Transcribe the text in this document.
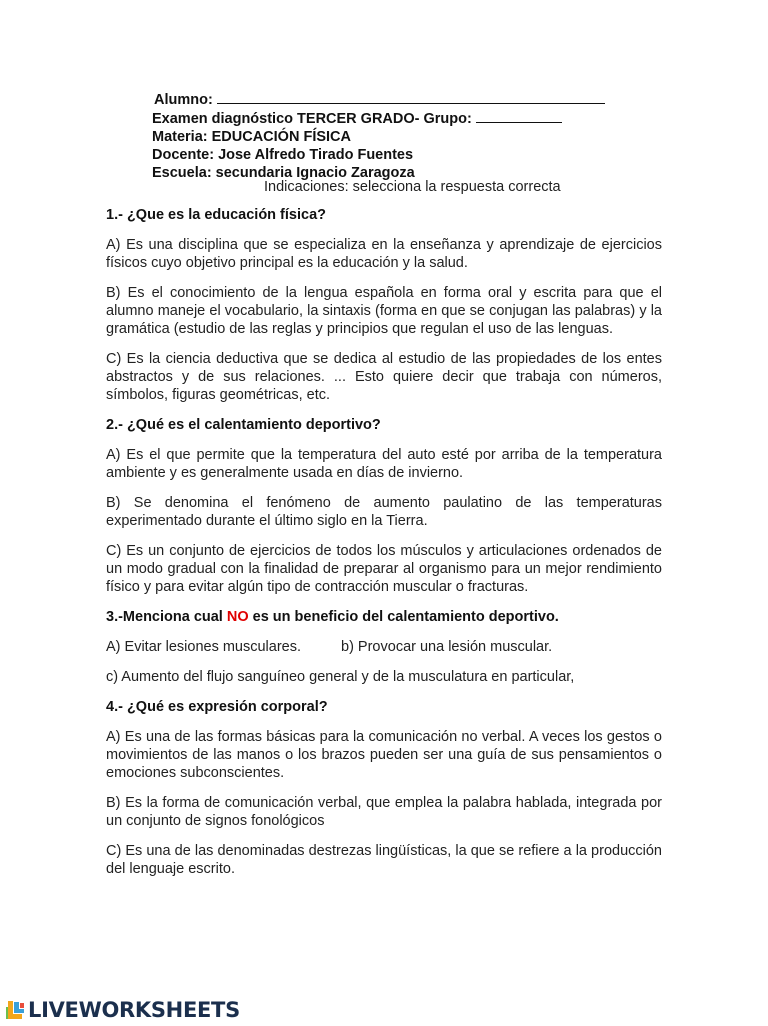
Alumno:
Examen diagnóstico TERCER GRADO- Grupo:
Materia: EDUCACIÓN FÍSICA
Docente: Jose Alfredo Tirado Fuentes
Escuela: secundaria Ignacio Zaragoza
Indicaciones: selecciona la respuesta correcta
1.- ¿Que es la educación física?
A) Es una disciplina que se especializa en la enseñanza y aprendizaje de ejercicios físicos cuyo objetivo principal es la educación y la salud.
B) Es el conocimiento de la lengua española en forma oral y escrita para que el alumno maneje el vocabulario, la sintaxis (forma en que se conjugan las palabras) y la gramática (estudio de las reglas y principios que regulan el uso de las lenguas.
C) Es la ciencia deductiva que se dedica al estudio de las propiedades de los entes abstractos y de sus relaciones. ... Esto quiere decir que trabaja con números, símbolos, figuras geométricas, etc.
2.- ¿Qué es el calentamiento deportivo?
A) Es el que permite que la temperatura del auto esté por arriba de la temperatura ambiente y es generalmente usada en días de invierno.
B) Se denomina el fenómeno de aumento paulatino de las temperaturas experimentado durante el último siglo en la Tierra.
C) Es un conjunto de ejercicios de todos los músculos y articulaciones ordenados de un modo gradual con la finalidad de preparar al organismo para un mejor rendimiento físico y para evitar algún tipo de contracción muscular o fracturas.
3.-Menciona cual NO es un beneficio del calentamiento deportivo.
A) Evitar lesiones musculares.	b) Provocar una lesión muscular.
c) Aumento del flujo sanguíneo general y de la musculatura en particular,
4.- ¿Qué es expresión corporal?
A) Es una de las formas básicas para la comunicación no verbal. A veces los gestos o movimientos de las manos o los brazos pueden ser una guía de sus pensamientos o emociones subconscientes.
B) Es la forma de comunicación verbal, que emplea la palabra hablada, integrada por un conjunto de signos fonológicos
C) Es una de las denominadas destrezas lingüísticas, la que se refiere a la producción del lenguaje escrito.
LIVEWORKSHEETS
